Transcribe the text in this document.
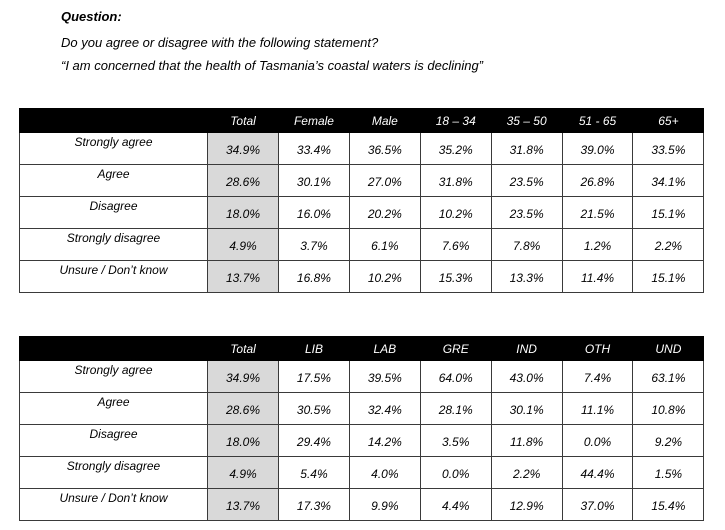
Question:
Do you agree or disagree with the following statement?
“I am concerned that the health of Tasmania’s coastal waters is declining”
	Total	Female	Male	18 – 34	35 – 50	51 - 65	65+
Strongly agree	34.9%	33.4%	36.5%	35.2%	31.8%	39.0%	33.5%
Agree	28.6%	30.1%	27.0%	31.8%	23.5%	26.8%	34.1%
Disagree	18.0%	16.0%	20.2%	10.2%	23.5%	21.5%	15.1%
Strongly disagree	4.9%	3.7%	6.1%	7.6%	7.8%	1.2%	2.2%
Unsure / Don’t know	13.7%	16.8%	10.2%	15.3%	13.3%	11.4%	15.1%
	Total	LIB	LAB	GRE	IND	OTH	UND
Strongly agree	34.9%	17.5%	39.5%	64.0%	43.0%	7.4%	63.1%
Agree	28.6%	30.5%	32.4%	28.1%	30.1%	11.1%	10.8%
Disagree	18.0%	29.4%	14.2%	3.5%	11.8%	0.0%	9.2%
Strongly disagree	4.9%	5.4%	4.0%	0.0%	2.2%	44.4%	1.5%
Unsure / Don’t know	13.7%	17.3%	9.9%	4.4%	12.9%	37.0%	15.4%
